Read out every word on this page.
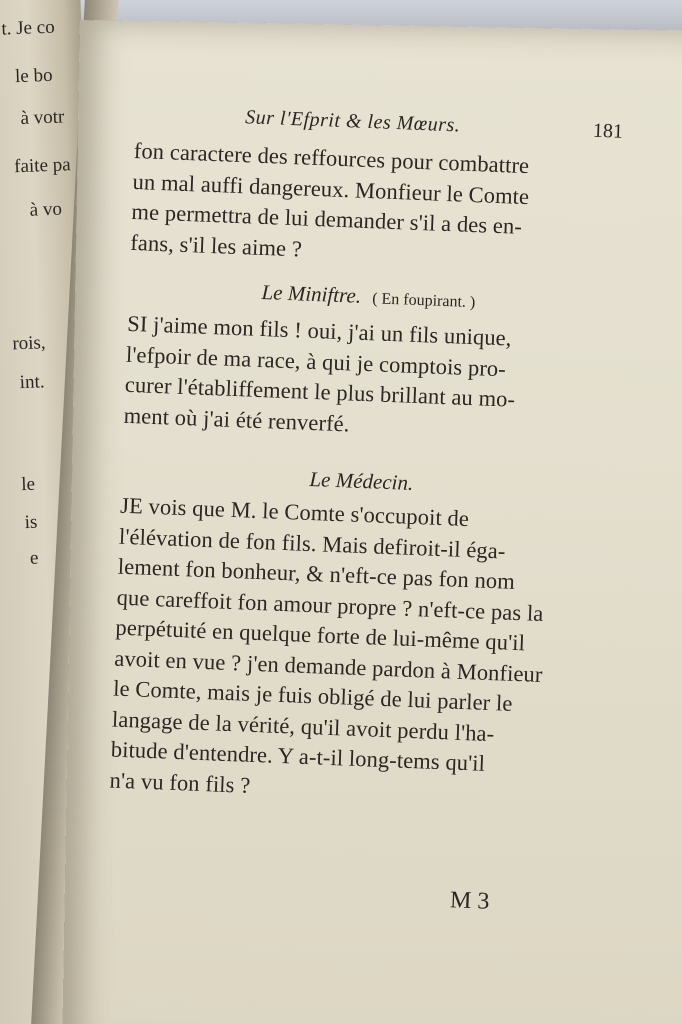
t. Je co
le bo
à votr
faite pa
à vo
rois,
int.
le
is
e
Sur l'Efprit & les Mœurs.	181
fon caractere des reffources pour combattre
un mal auffi dangereux. Monfieur le Comte
me permettra de lui demander s'il a des en-
fans, s'il les aime ?
Le Miniftre. ( En foupirant. )
SI j'aime mon fils ! oui, j'ai un fils unique,
l'efpoir de ma race, à qui je comptois pro-
curer l'établiffement le plus brillant au mo-
ment où j'ai été renverfé.
Le Médecin.
JE vois que M. le Comte s'occupoit de
l'élévation de fon fils. Mais defiroit-il éga-
lement fon bonheur, & n'eft-ce pas fon nom
que careffoit fon amour propre ? n'eft-ce pas la
perpétuité en quelque forte de lui-même qu'il
avoit en vue ? j'en demande pardon à Monfieur
le Comte, mais je fuis obligé de lui parler le
langage de la vérité, qu'il avoit perdu l'ha-
bitude d'entendre. Y a-t-il long-tems qu'il
n'a vu fon fils ?
M 3
